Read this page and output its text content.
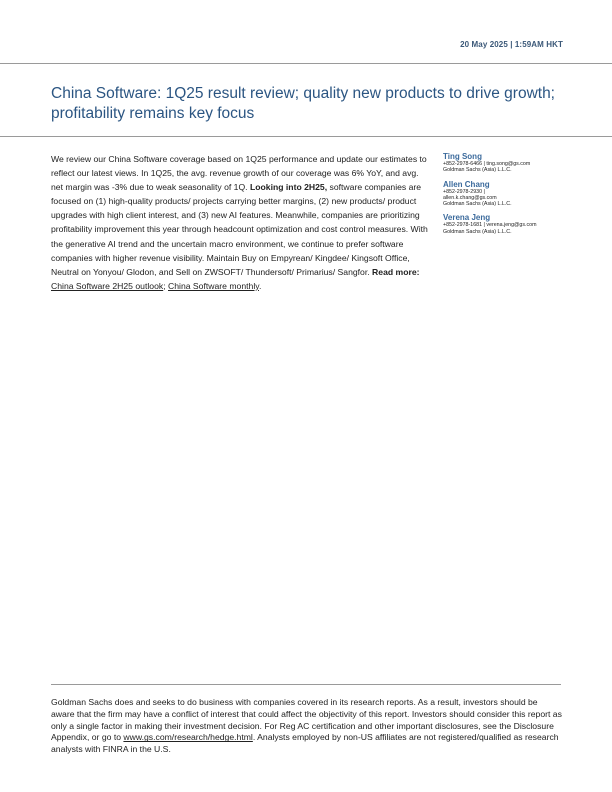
20 May 2025 | 1:59AM HKT
China Software: 1Q25 result review; quality new products to drive growth; profitability remains key focus

We review our China Software coverage based on 1Q25 performance and update our estimates to reflect our latest views. In 1Q25, the avg. revenue growth of our coverage was 6% YoY, and avg. net margin was -3% due to weak seasonality of 1Q. Looking into 2H25, software companies are focused on (1) high-quality products/ projects carrying better margins, (2) new products/ product upgrades with high client interest, and (3) new AI features. Meanwhile, companies are prioritizing profitability improvement this year through headcount optimization and cost control measures. With the generative AI trend and the uncertain macro environment, we continue to prefer software companies with higher revenue visibility. Maintain Buy on Empyrean/ Kingdee/ Kingsoft Office, Neutral on Yonyou/ Glodon, and Sell on ZWSOFT/ Thundersoft/ Primarius/ Sangfor. Read more: China Software 2H25 outlook; China Software monthly.

Ting Song
+852-2978-6466 | ting.song@gs.com
Goldman Sachs (Asia) L.L.C.
Allen Chang
+852-2978-2930 |
allen.k.chang@gs.com
Goldman Sachs (Asia) L.L.C.
Verena Jeng
+852-2978-1681 | verena.jeng@gs.com
Goldman Sachs (Asia) L.L.C.

Goldman Sachs does and seeks to do business with companies covered in its research reports. As a result, investors should be aware that the firm may have a conflict of interest that could affect the objectivity of this report. Investors should consider this report as only a single factor in making their investment decision. For Reg AC certification and other important disclosures, see the Disclosure Appendix, or go to www.gs.com/research/hedge.html. Analysts employed by non-US affiliates are not registered/qualified as research analysts with FINRA in the U.S.
